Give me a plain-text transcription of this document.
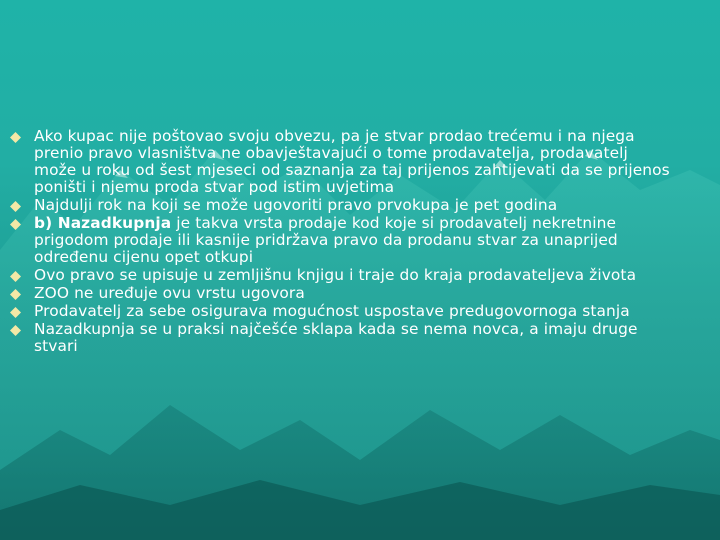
Ako kupac nije poštovao svoju obvezu, pa je stvar prodao trećemu i na njega prenio pravo vlasništva ne obavještavajući o tome prodavatelja, prodavatelj može u roku od šest mjeseci od saznanja za taj prijenos zahtijevati da se prijenos poništi i njemu proda stvar pod istim uvjetima
Najdulji rok na koji se može ugovoriti pravo prvokupa je pet godina
b) Nazadkupnja je takva vrsta prodaje kod koje si prodavatelj nekretnine prigodom prodaje ili kasnije pridržava pravo da prodanu stvar za unaprijed određenu cijenu opet otkupi
Ovo pravo se upisuje u zemljišnu knjigu i traje do kraja prodavateljeva života
ZOO ne uređuje ovu vrstu ugovora
Prodavatelj za sebe osigurava mogućnost uspostave predugovornoga stanja
Nazadkupnja se u praksi najčešće sklapa kada se nema novca, a imaju druge stvari
